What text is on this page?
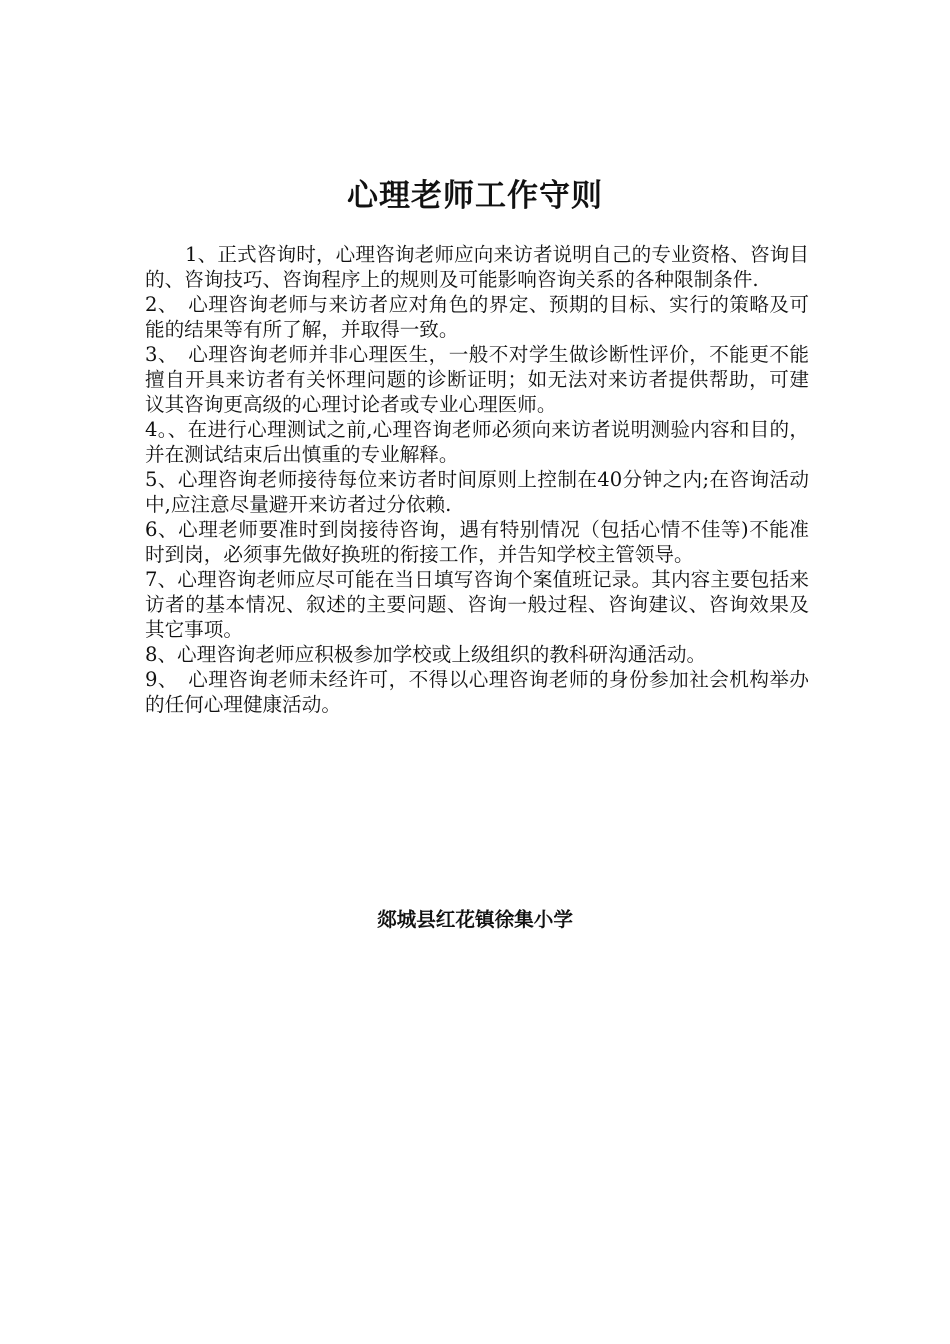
心理老师工作守则

1、正式咨询时，心理咨询老师应向来访者说明自己的专业资格、咨询目的、咨询技巧、咨询程序上的规则及可能影响咨询关系的各种限制条件.

2、　心理咨询老师与来访者应对角色的界定、预期的目标、实行的策略及可能的结果等有所了解，并取得一致。

3、　心理咨询老师并非心理医生，一般不对学生做诊断性评价，不能更不能擅自开具来访者有关怀理问题的诊断证明；如无法对来访者提供帮助，可建议其咨询更高级的心理讨论者或专业心理医师。

4。、在进行心理测试之前,心理咨询老师必须向来访者说明测验内容和目的，并在测试结束后出慎重的专业解释。

5、心理咨询老师接待每位来访者时间原则上控制在40分钟之内;在咨询活动中,应注意尽量避开来访者过分依赖.

6、心理老师要准时到岗接待咨询，遇有特别情况（包括心情不佳等)不能准时到岗，必须事先做好换班的衔接工作，并告知学校主管领导。

7、心理咨询老师应尽可能在当日填写咨询个案值班记录。其内容主要包括来访者的基本情况、叙述的主要问题、咨询一般过程、咨询建议、咨询效果及其它事项。

8、心理咨询老师应积极参加学校或上级组织的教科研沟通活动。

9、　心理咨询老师未经许可，不得以心理咨询老师的身份参加社会机构举办的任何心理健康活动。

郯城县红花镇徐集小学
